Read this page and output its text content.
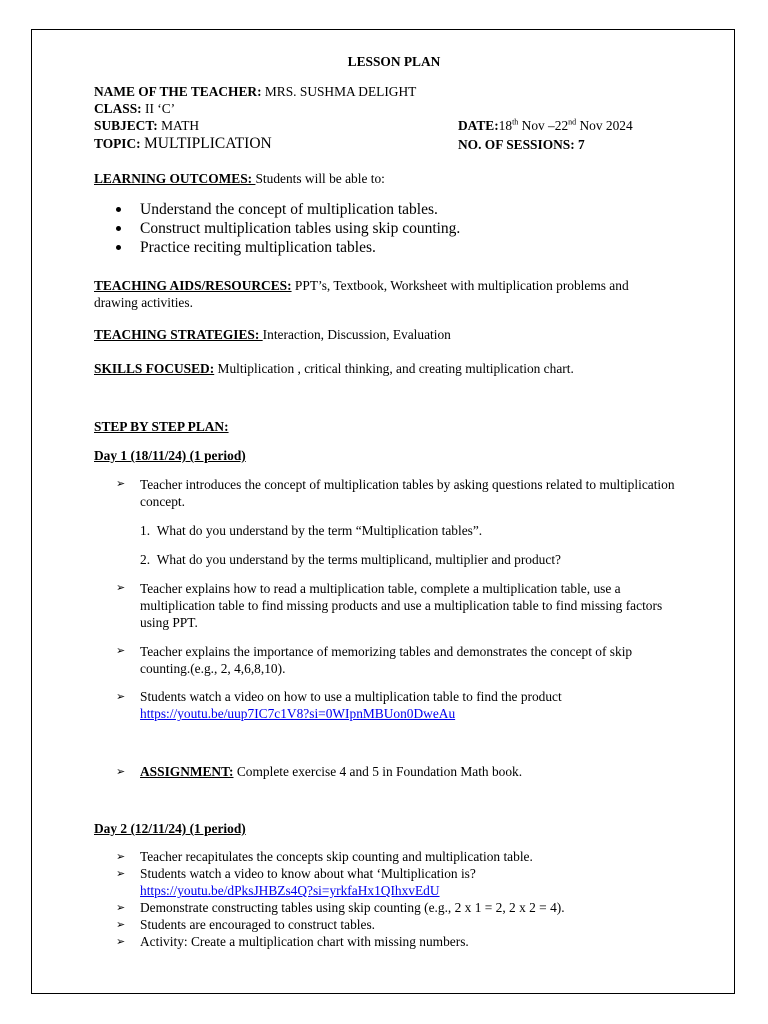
LESSON PLAN
NAME OF THE TEACHER: MRS. SUSHMA DELIGHT
CLASS: II ‘C’
SUBJECT: MATH	DATE:18th Nov –22nd Nov 2024
TOPIC: MULTIPLICATION	NO. OF SESSIONS: 7
LEARNING OUTCOMES: Students will be able to:
Understand the concept of multiplication tables.
Construct multiplication tables using skip counting.
Practice reciting multiplication tables.
TEACHING AIDS/RESOURCES: PPT’s, Textbook, Worksheet with multiplication problems and drawing activities.
TEACHING STRATEGIES: Interaction, Discussion, Evaluation
SKILLS FOCUSED: Multiplication , critical thinking, and creating multiplication chart.
STEP BY STEP PLAN:
Day 1 (18/11/24) (1 period)
➢ Teacher introduces the concept of multiplication tables by asking questions related to multiplication concept.
1. What do you understand by the term “Multiplication tables”.
2. What do you understand by the terms multiplicand, multiplier and product?
➢ Teacher explains how to read a multiplication table, complete a multiplication table, use a multiplication table to find missing products and use a multiplication table to find missing factors using PPT.
➢ Teacher explains the importance of memorizing tables and demonstrates the concept of skip counting.(e.g., 2, 4,6,8,10).
➢ Students watch a video on how to use a multiplication table to find the product
https://youtu.be/uup7IC7c1V8?si=0WIpnMBUon0DweAu
➢ ASSIGNMENT: Complete exercise 4 and 5 in Foundation Math book.
Day 2 (12/11/24) (1 period)
➢ Teacher recapitulates the concepts skip counting and multiplication table.
➢ Students watch a video to know about what ‘Multiplication is?
https://youtu.be/dPksJHBZs4Q?si=yrkfaHx1QIhxvEdU
➢ Demonstrate constructing tables using skip counting (e.g., 2 x 1 = 2, 2 x 2 = 4).
➢ Students are encouraged to construct tables.
➢ Activity: Create a multiplication chart with missing numbers.
